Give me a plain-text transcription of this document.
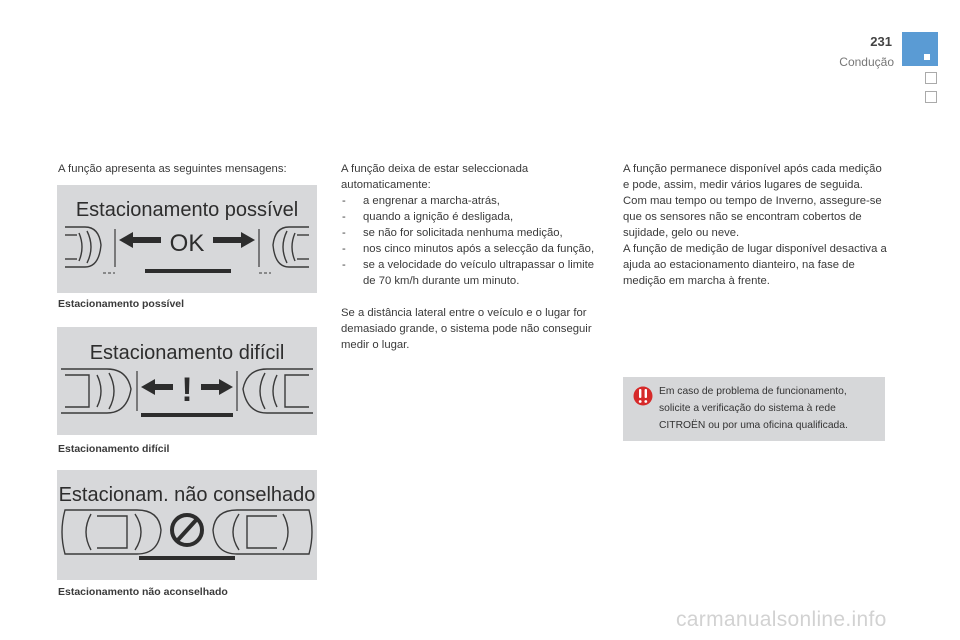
231
Condução
A função apresenta as seguintes mensagens:
Estacionamento possível
OK
Estacionamento possível
Estacionamento difícil
!
Estacionamento difícil
Estacionam. não conselhado
Estacionamento não aconselhado

A função deixa de estar seleccionada automaticamente:

- a engrenar a marcha-atrás,
- quando a ignição é desligada,
- se não for solicitada nenhuma medição,
- nos cinco minutos após a selecção da função,
- se a velocidade do veículo ultrapassar o limite de 70 km/h durante um minuto.

Se a distância lateral entre o veículo e o lugar for demasiado grande, o sistema pode não conseguir medir o lugar.

A função permanece disponível após cada medição e pode, assim, medir vários lugares de seguida.

Com mau tempo ou tempo de Inverno, assegure-se que os sensores não se encontram cobertos de sujidade, gelo ou neve.

A função de medição de lugar disponível desactiva a ajuda ao estacionamento dianteiro, na fase de medição em marcha à frente.

Em caso de problema de funcionamento, solicite a verificação do sistema à rede CITROËN ou por uma oficina qualificada.
carmanualsonline.info
